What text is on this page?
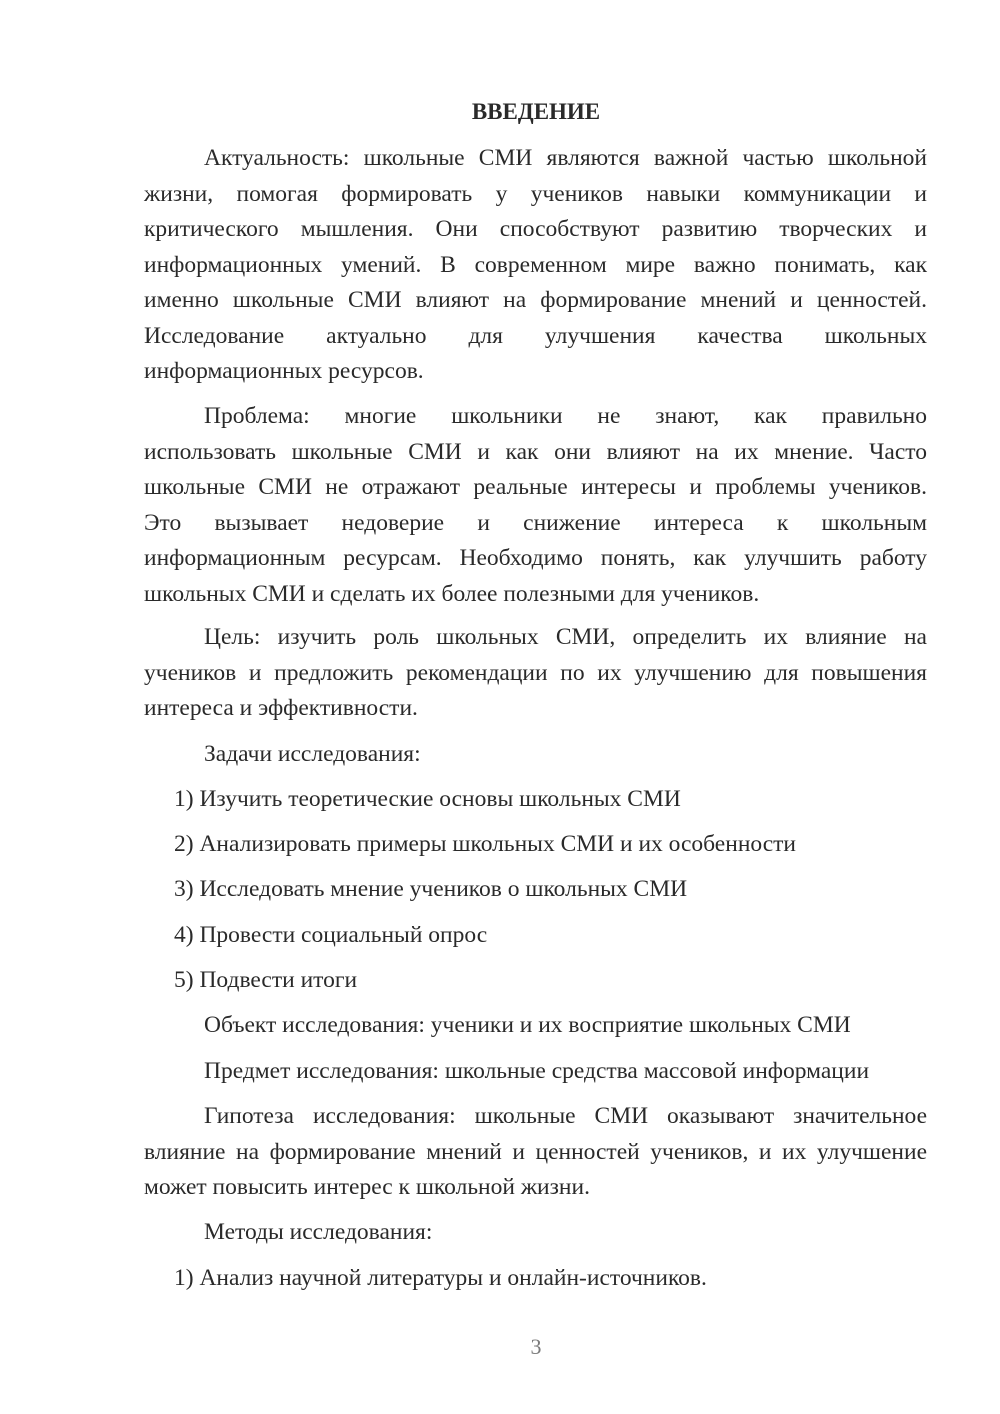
ВВЕДЕНИЕ
Актуальность: школьные СМИ являются важной частью школьной
жизни, помогая формировать у учеников навыки коммуникации и
критического мышления. Они способствуют развитию творческих и
информационных умений. В современном мире важно понимать, как
именно школьные СМИ влияют на формирование мнений и ценностей.
Исследование актуально для улучшения качества школьных
информационных ресурсов.
Проблема: многие школьники не знают, как правильно
использовать школьные СМИ и как они влияют на их мнение. Часто
школьные СМИ не отражают реальные интересы и проблемы учеников.
Это вызывает недоверие и снижение интереса к школьным
информационным ресурсам. Необходимо понять, как улучшить работу
школьных СМИ и сделать их более полезными для учеников.
Цель: изучить роль школьных СМИ, определить их влияние на
учеников и предложить рекомендации по их улучшению для повышения
интереса и эффективности.
Задачи исследования:
1) Изучить теоретические основы школьных СМИ
2) Анализировать примеры школьных СМИ и их особенности
3) Исследовать мнение учеников о школьных СМИ
4) Провести социальный опрос
5) Подвести итоги
Объект исследования: ученики и их восприятие школьных СМИ
Предмет исследования: школьные средства массовой информации
Гипотеза исследования: школьные СМИ оказывают значительное
влияние на формирование мнений и ценностей учеников, и их улучшение
может повысить интерес к школьной жизни.
Методы исследования:
1) Анализ научной литературы и онлайн-источников.
3
